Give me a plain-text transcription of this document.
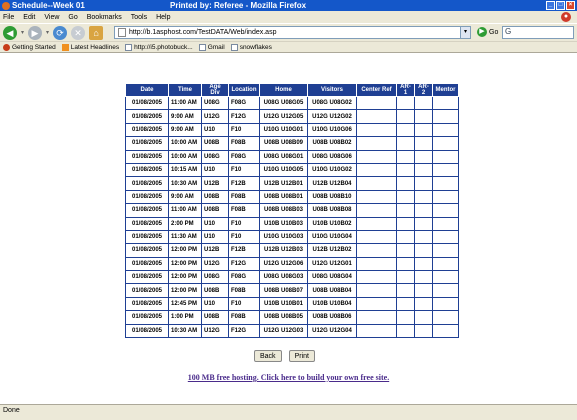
Schedule--Week 01	Printed by: Referee - Mozilla Firefox	_	□	×
File Edit View Go Bookmarks Tools Help	●
◀	▾ ▶	▾ ⟳	✕	⌂	http://b.1asphost.com/TestDATA/Web/index.asp	▾	▶ Go G
Getting Started Latest Headlines http://i5.photobuck... Gmail snowflakes
Date	Time	Age Div	Location	Home	Visitors	Center Ref	AR-1	AR-2	Mentor
01/08/2005	11:00 AM	U08G	F08G	U08G U08G05	U08G U08G02				
01/08/2005	9:00 AM	U12G	F12G	U12G U12G05	U12G U12G02				
01/08/2005	9:00 AM	U10	F10	U10G U10G01	U10G U10G06				
01/08/2005	10:00 AM	U08B	F08B	U08B U08B09	U08B U08B02				
01/08/2005	10:00 AM	U08G	F08G	U08G U08G01	U08G U08G06				
01/08/2005	10:15 AM	U10	F10	U10G U10G05	U10G U10G02				
01/08/2005	10:30 AM	U12B	F12B	U12B U12B01	U12B U12B04				
01/08/2005	9:00 AM	U08B	F08B	U08B U08B01	U08B U08B10				
01/08/2005	11:00 AM	U08B	F08B	U08B U08B03	U08B U08B08				
01/08/2005	2:00 PM	U10	F10	U10B U10B03	U10B U10B02				
01/08/2005	11:30 AM	U10	F10	U10G U10G03	U10G U10G04				
01/08/2005	12:00 PM	U12B	F12B	U12B U12B03	U12B U12B02				
01/08/2005	12:00 PM	U12G	F12G	U12G U12G06	U12G U12G01				
01/08/2005	12:00 PM	U08G	F08G	U08G U08G03	U08G U08G04				
01/08/2005	12:00 PM	U08B	F08B	U08B U08B07	U08B U08B04				
01/08/2005	12:45 PM	U10	F10	U10B U10B01	U10B U10B04				
01/08/2005	1:00 PM	U08B	F08B	U08B U08B05	U08B U08B06				
01/08/2005	10:30 AM	U12G	F12G	U12G U12G03	U12G U12G04				
Back	Print
100 MB free hosting. Click here to build your own free site.
Done
